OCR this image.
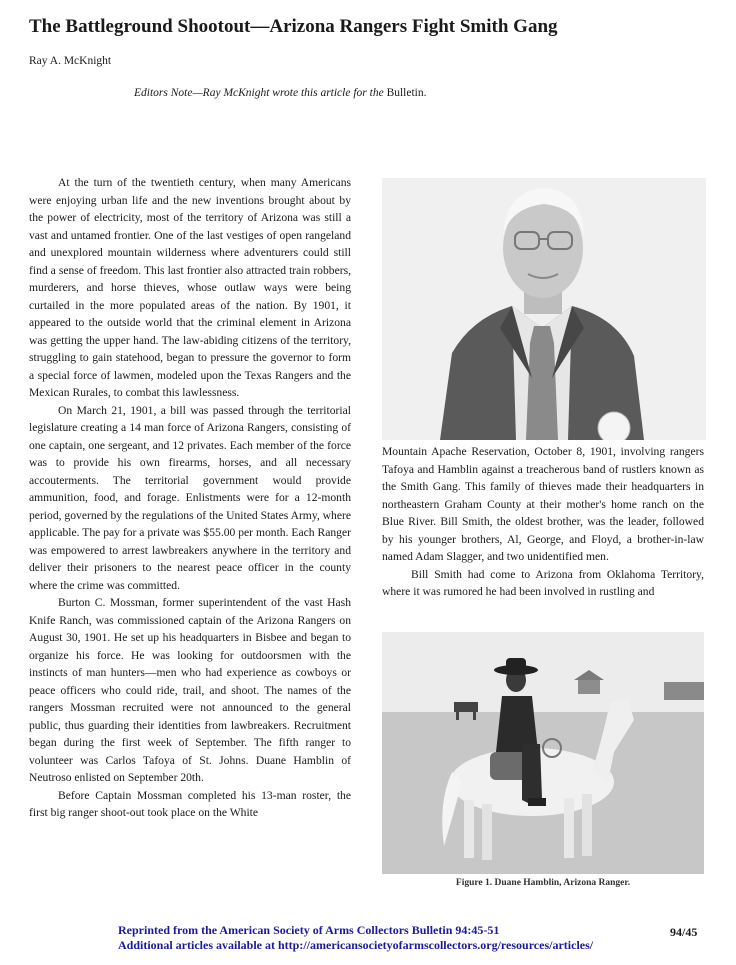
The Battleground Shootout—Arizona Rangers Fight Smith Gang
Ray A. McKnight
Editors Note—Ray McKnight wrote this article for the Bulletin.

At the turn of the twentieth century, when many Americans were enjoying urban life and the new inventions brought about by the power of electricity, most of the territory of Arizona was still a vast and untamed frontier. One of the last vestiges of open rangeland and unexplored mountain wilderness where adventurers could still find a sense of freedom. This last frontier also attracted train robbers, murderers, and horse thieves, whose outlaw ways were being curtailed in the more populated areas of the nation. By 1901, it appeared to the outside world that the criminal element in Arizona was getting the upper hand. The law-abiding citizens of the territory, struggling to gain statehood, began to pressure the governor to form a special force of lawmen, modeled upon the Texas Rangers and the Mexican Rurales, to combat this lawlessness.

On March 21, 1901, a bill was passed through the territorial legislature creating a 14 man force of Arizona Rangers, consisting of one captain, one sergeant, and 12 privates. Each member of the force was to provide his own firearms, horses, and all necessary accouterments. The territorial government would provide ammunition, food, and forage. Enlistments were for a 12-month period, governed by the regulations of the United States Army, where applicable. The pay for a private was $55.00 per month. Each Ranger was empowered to arrest lawbreakers anywhere in the territory and deliver their prisoners to the nearest peace officer in the county where the crime was committed.

Burton C. Mossman, former superintendent of the vast Hash Knife Ranch, was commissioned captain of the Arizona Rangers on August 30, 1901. He set up his headquarters in Bisbee and began to organize his force. He was looking for outdoorsmen with the instincts of man hunters—men who had experience as cowboys or peace officers who could ride, trail, and shoot. The names of the rangers Mossman recruited were not announced to the general public, thus guarding their identities from lawbreakers. Recruitment began during the first week of September. The fifth ranger to volunteer was Carlos Tafoya of St. Johns. Duane Hamblin of Neutroso enlisted on September 20th.

Before Captain Mossman completed his 13-man roster, the first big ranger shoot-out took place on the White

Mountain Apache Reservation, October 8, 1901, involving rangers Tafoya and Hamblin against a treacherous band of rustlers known as the Smith Gang. This family of thieves made their headquarters in northeastern Graham County at their mother's home ranch on the Blue River. Bill Smith, the oldest brother, was the leader, followed by his younger brothers, Al, George, and Floyd, a brother-in-law named Adam Slagger, and two unidentified men.

Bill Smith had come to Arizona from Oklahoma Territory, where it was rumored he had been involved in rustling and

Figure 1. Duane Hamblin, Arizona Ranger.
Reprinted from the American Society of Arms Collectors Bulletin 94:45-51
Additional articles available at http://americansocietyofarmscollectors.org/resources/articles/
94/45
